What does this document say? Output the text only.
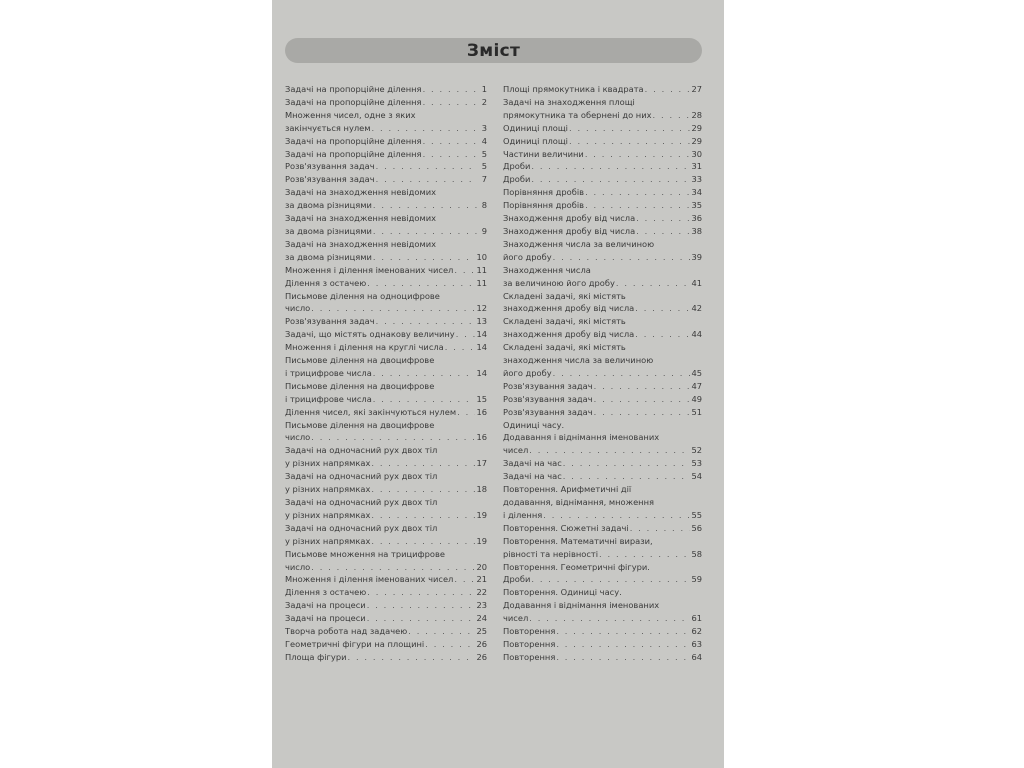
Зміст
Задачі на пропорційне ділення . . .	1
Задачі на пропорційне ділення . . .	2
Множення чисел, одне з яких
закінчується нулем . . .	3
Задачі на пропорційне ділення . . .	4
Задачі на пропорційне ділення . . .	5
Розв'язування задач . . .	5
Розв'язування задач . . .	7
Задачі на знаходження невідомих
за двома різницями . . .	8
Задачі на знаходження невідомих
за двома різницями . . .	9
Задачі на знаходження невідомих
за двома різницями . . .	10
Множення і ділення іменованих чисел . . .	11
Ділення з остачею . . .	11
Письмове ділення на одноцифрове
число . . .	12
Розв'язування задач . . .	13
Задачі, що містять однакову величину . . .	14
Множення і ділення на круглі числа . . .	14
Письмове ділення на двоцифрове
і трицифрове числа . . .	14
Письмове ділення на двоцифрове
і трицифрове числа . . .	15
Ділення чисел, які закінчуються нулем . . . 16
Письмове ділення на двоцифрове
число . . .	16
Задачі на одночасний рух двох тіл
у різних напрямках . . .	17
Задачі на одночасний рух двох тіл
у різних напрямках . . .	18
Задачі на одночасний рух двох тіл
у різних напрямках . . .	19
Задачі на одночасний рух двох тіл
у різних напрямках . . .	19
Письмове множення на трицифрове
число . . .	20
Множення і ділення іменованих чисел . . .	21
Ділення з остачею . . .	22
Задачі на процеси . . .	23
Задачі на процеси . . .	24
Творча робота над задачею . . .	25
Геометричні фігури на площині . . .	26
Площа фігури . . .	26
Площі прямокутника і квадрата . . .	27
Задачі на знаходження площі
прямокутника та обернені до них . . .	28
Одиниці площі . . .	29
Одиниці площі . . .	29
Частини величини . . .	30
Дроби . . .	31
Дроби . . .	33
Порівняння дробів . . .	34
Порівняння дробів . . .	35
Знаходження дробу від числа . . .	36
Знаходження дробу від числа . . .	38
Знаходження числа за величиною
його дробу . . .	39
Знаходження числа
за величиною його дробу . . .	41
Складені задачі, які містять
знаходження дробу від числа . . .	42
Складені задачі, які містять
знаходження дробу від числа . . .	44
Складені задачі, які містять
знаходження числа за величиною
його дробу . . .	45
Розв'язування задач . . .	47
Розв'язування задач . . .	49
Розв'язування задач . . .	51
Одиниці часу.
Додавання і віднімання іменованих
чисел . . .	52
Задачі на час . . .	53
Задачі на час . . .	54
Повторення. Арифметичні дії
додавання, віднімання, множення
і ділення . . .	55
Повторення. Сюжетні задачі . . .	56
Повторення. Математичні вирази,
рівності та нерівності . . .	58
Повторення. Геометричні фігури.
Дроби . . .	59
Повторення. Одиниці часу.
Додавання і віднімання іменованих
чисел . . .	61
Повторення . . .	62
Повторення . . .	63
Повторення . . .	64
